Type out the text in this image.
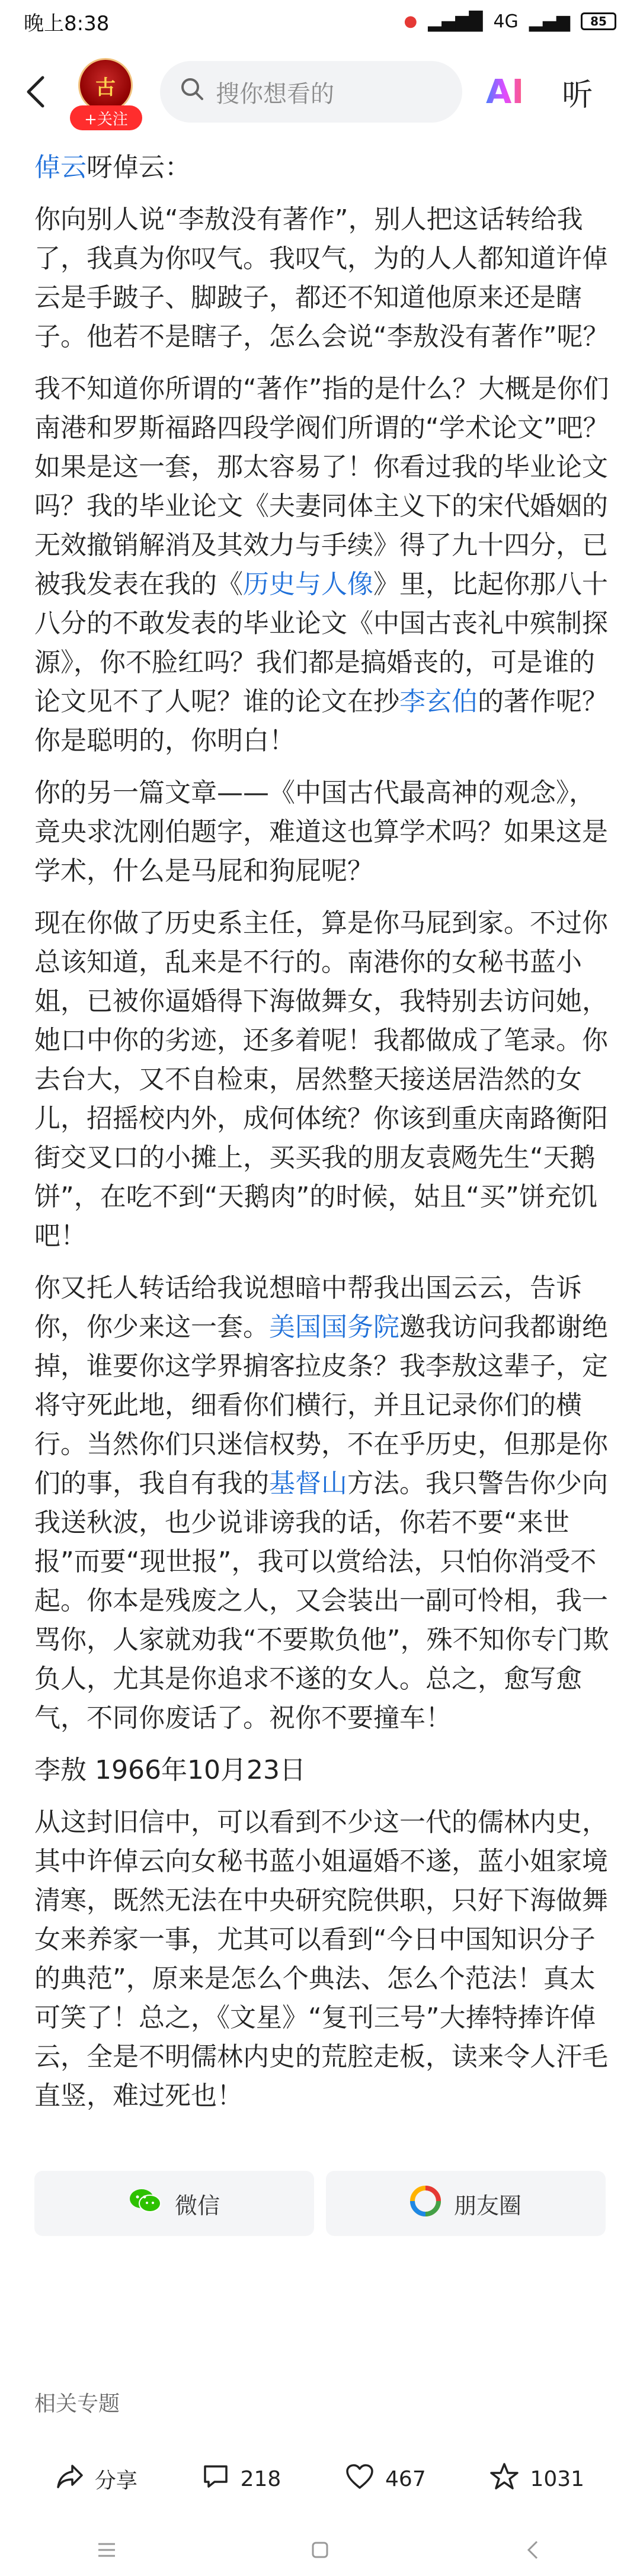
晚上8:38	● ▂▄▆█ 4G ▂▄▆ 85
古
+关注
搜你想看的	AI 听

倬云呀倬云：

你向别人说“李敖没有著作”，别人把这话转给我了，我真为你叹气。我叹气，为的人人都知道许倬云是手跛子、脚跛子，都还不知道他原来还是瞎子。他若不是瞎子，怎么会说“李敖没有著作”呢？

我不知道你所谓的“著作”指的是什么？大概是你们南港和罗斯福路四段学阀们所谓的“学术论文”吧？如果是这一套，那太容易了！你看过我的毕业论文吗？我的毕业论文《夫妻同体主义下的宋代婚姻的无效撤销解消及其效力与手续》得了九十四分，已被我发表在我的《历史与人像》里，比起你那八十八分的不敢发表的毕业论文《中国古丧礼中殡制探源》，你不脸红吗？我们都是搞婚丧的，可是谁的论文见不了人呢？谁的论文在抄李玄伯的著作呢？你是聪明的，你明白！

你的另一篇文章——《中国古代最高神的观念》，竟央求沈刚伯题字，难道这也算学术吗？如果这是学术，什么是马屁和狗屁呢？

现在你做了历史系主任，算是你马屁到家。不过你总该知道，乱来是不行的。南港你的女秘书蓝小姐，已被你逼婚得下海做舞女，我特别去访问她，她口中你的劣迹，还多着呢！我都做成了笔录。你去台大，又不自检束，居然整天接送居浩然的女儿，招摇校内外，成何体统？你该到重庆南路衡阳街交叉口的小摊上，买买我的朋友袁飏先生“天鹅饼”，在吃不到“天鹅肉”的时候，姑且“买”饼充饥吧！

你又托人转话给我说想暗中帮我出国云云，告诉你，你少来这一套。美国国务院邀我访问我都谢绝掉，谁要你这学界掮客拉皮条？我李敖这辈子，定将守死此地，细看你们横行，并且记录你们的横行。当然你们只迷信权势，不在乎历史，但那是你们的事，我自有我的基督山方法。我只警告你少向我送秋波，也少说诽谤我的话，你若不要“来世报”而要“现世报”，我可以赏给法，只怕你消受不起。你本是残废之人，又会装出一副可怜相，我一骂你，人家就劝我“不要欺负他”，殊不知你专门欺负人，尤其是你追求不遂的女人。总之，愈写愈气，不同你废话了。祝你不要撞车！

李敖 1966年10月23日

从这封旧信中，可以看到不少这一代的儒林内史，其中许倬云向女秘书蓝小姐逼婚不遂，蓝小姐家境清寒，既然无法在中央研究院供职，只好下海做舞女来养家一事，尤其可以看到“今日中国知识分子的典范”，原来是怎么个典法、怎么个范法！真太可笑了！总之，《文星》“复刊三号”大捧特捧许倬云，全是不明儒林内史的荒腔走板，读来令人汗毛直竖，难过死也！

微信	朋友圈
相关专题
分享	218	467	1031
